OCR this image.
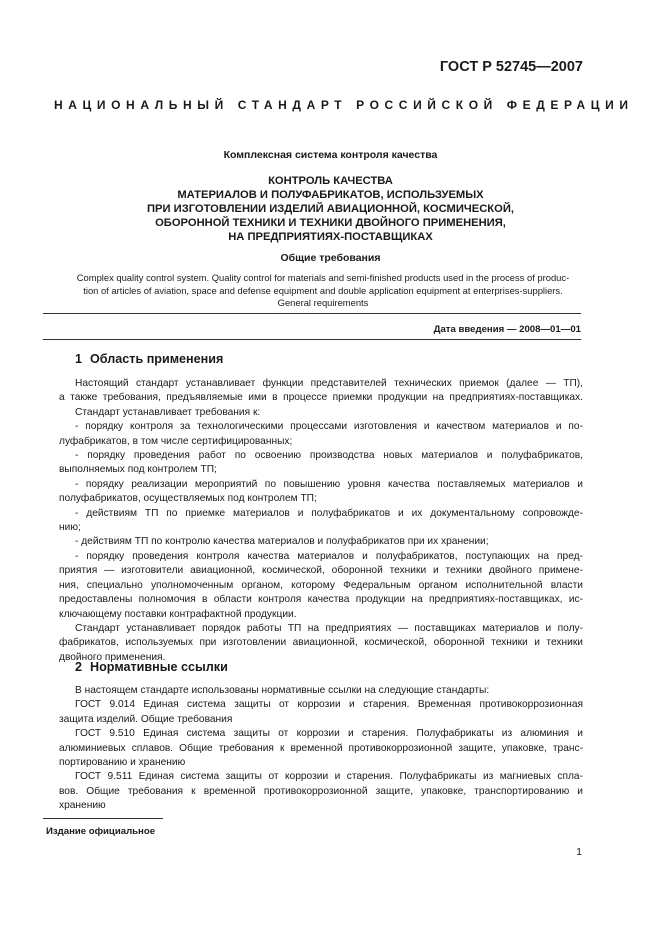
ГОСТ Р 52745—2007
НАЦИОНАЛЬНЫЙ СТАНДАРТ РОССИЙСКОЙ ФЕДЕРАЦИИ
Комплексная система контроля качества
КОНТРОЛЬ КАЧЕСТВА
МАТЕРИАЛОВ И ПОЛУФАБРИКАТОВ, ИСПОЛЬЗУЕМЫХ
ПРИ ИЗГОТОВЛЕНИИ ИЗДЕЛИЙ АВИАЦИОННОЙ, КОСМИЧЕСКОЙ,
ОБОРОННОЙ ТЕХНИКИ И ТЕХНИКИ ДВОЙНОГО ПРИМЕНЕНИЯ,
НА ПРЕДПРИЯТИЯХ-ПОСТАВЩИКАХ
Общие требования
Complex quality control system. Quality control for materials and semi-finished products used in the process of produc-
tion of articles of aviation, space and defense equipment and double application equipment at enterprises-suppliers.
General requirements
Дата введения — 2008—01—01
1 Область применения

Настоящий стандарт устанавливает функции представителей технических приемок (далее — ТП),

а также требования, предъявляемые ими в процессе приемки продукции на предприятиях-поставщиках.

Стандарт устанавливает требования к:

- порядку контроля за технологическими процессами изготовления и качеством материалов и по-

луфабрикатов, в том числе сертифицированных;

- порядку проведения работ по освоению производства новых материалов и полуфабрикатов,

выполняемых под контролем ТП;

- порядку реализации мероприятий по повышению уровня качества поставляемых материалов и

полуфабрикатов, осуществляемых под контролем ТП;

- действиям ТП по приемке материалов и полуфабрикатов и их документальному сопровожде-

нию;

- действиям ТП по контролю качества материалов и полуфабрикатов при их хранении;

- порядку проведения контроля качества материалов и полуфабрикатов, поступающих на пред-

приятия — изготовители авиационной, космической, оборонной техники и техники двойного примене-

ния, специально уполномоченным органом, которому Федеральным органом исполнительной власти

предоставлены полномочия в области контроля качества продукции на предприятиях-поставщиках, ис-

ключающему поставки контрафактной продукции.

Стандарт устанавливает порядок работы ТП на предприятиях — поставщиках материалов и полу-

фабрикатов, используемых при изготовлении авиационной, космической, оборонной техники и техники

двойного применения.

2 Нормативные ссылки

В настоящем стандарте использованы нормативные ссылки на следующие стандарты:

ГОСТ 9.014 Единая система защиты от коррозии и старения. Временная противокоррозионная

защита изделий. Общие требования

ГОСТ 9.510 Единая система защиты от коррозии и старения. Полуфабрикаты из алюминия и

алюминиевых сплавов. Общие требования к временной противокоррозионной защите, упаковке, транс-

портированию и хранению

ГОСТ 9.511 Единая система защиты от коррозии и старения. Полуфабрикаты из магниевых спла-

вов. Общие требования к временной противокоррозионной защите, упаковке, транспортированию и

хранению

Издание официальное
1
